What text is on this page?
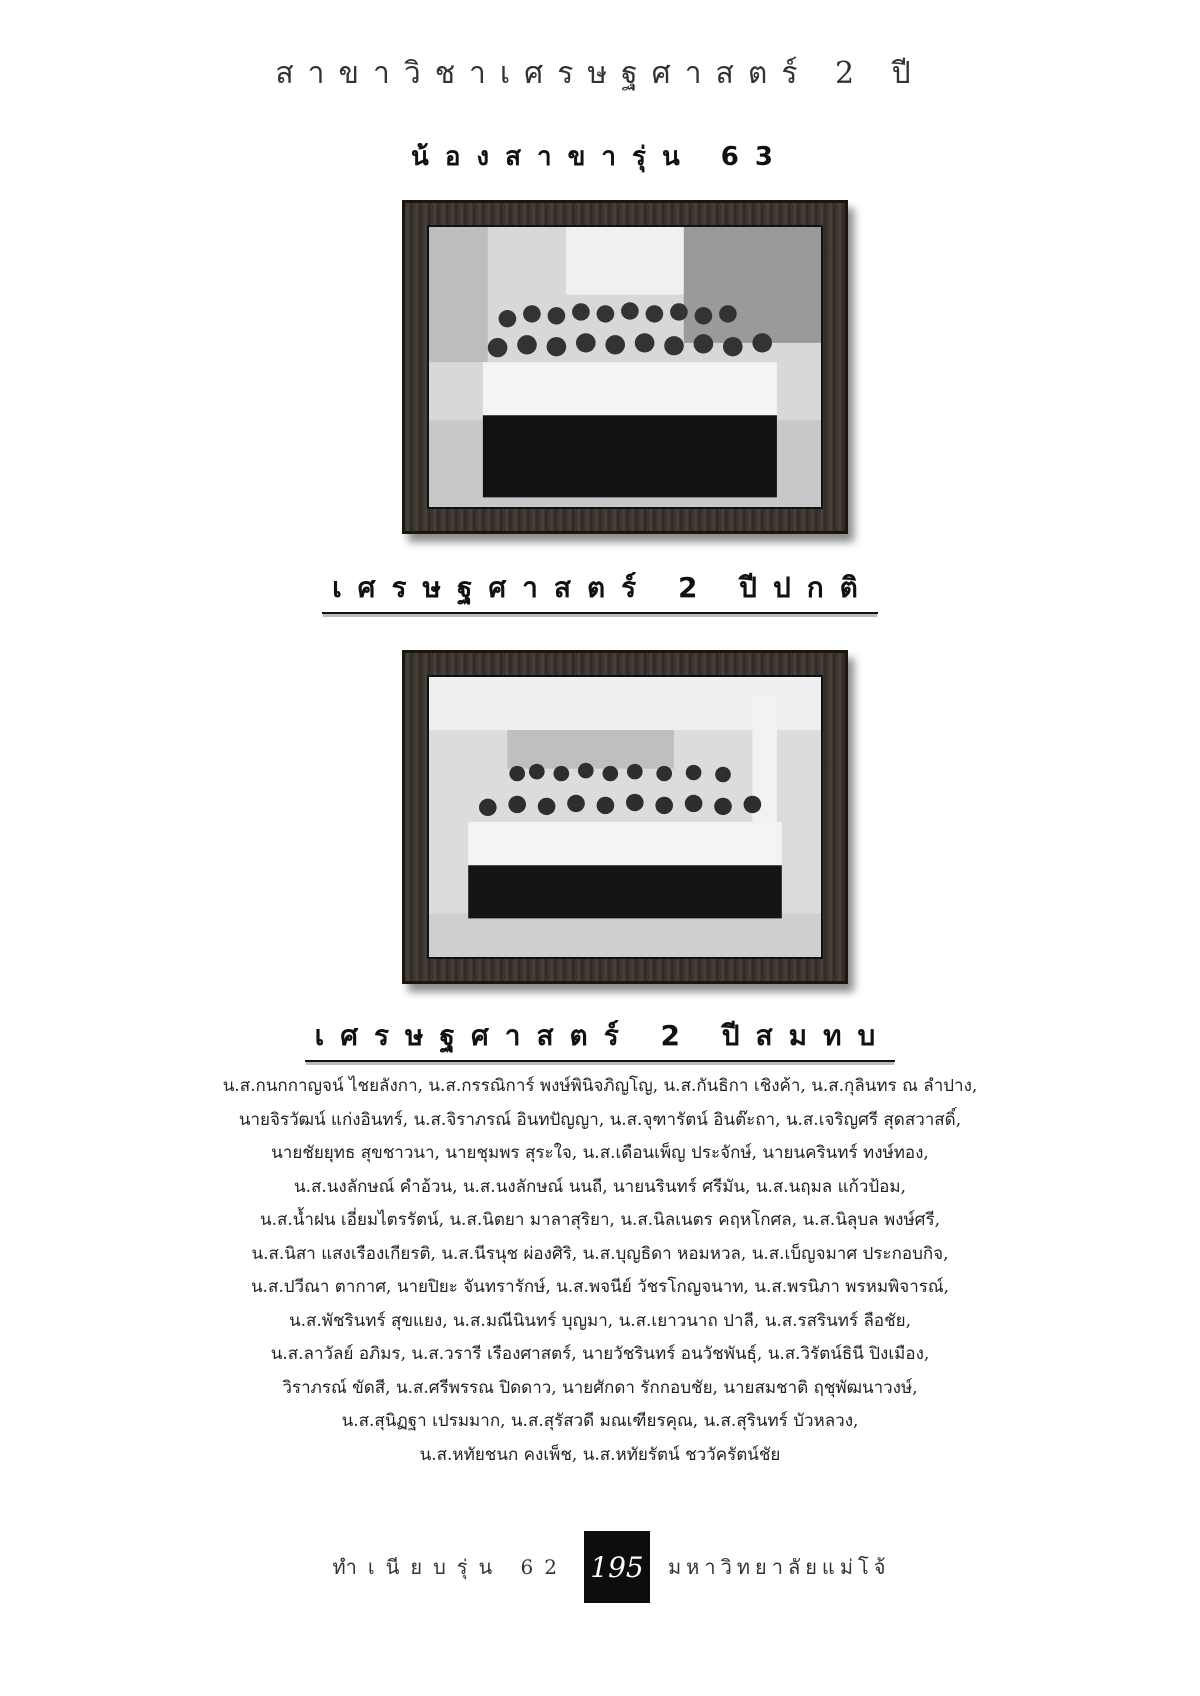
สาขาวิชาเศรษฐศาสตร์ 2 ปี
น้องสาขารุ่น 63
เศรษฐศาสตร์ 2 ปีปกติ
เศรษฐศาสตร์ 2 ปีสมทบ
น.ส.กนกกาญจน์ ไชยลังกา, น.ส.กรรณิการ์ พงษ์พินิจภิญโญ, น.ส.กันธิกา เชิงค้า, น.ส.กุลินทร ณ ลำปาง,
นายจิรวัฒน์ แก่งอินทร์, น.ส.จิราภรณ์ อินทปัญญา, น.ส.จุฑารัตน์ อินต๊ะถา, น.ส.เจริญศรี สุดสวาสดิ์,
นายชัยยุทธ สุขชาวนา, นายชุมพร สุระใจ, น.ส.เดือนเพ็ญ ประจักษ์, นายนครินทร์ ทงษ์ทอง,
น.ส.นงลักษณ์ คำอ้วน, น.ส.นงลักษณ์ นนถี, นายนรินทร์ ศรีมัน, น.ส.นฤมล แก้วป้อม,
น.ส.น้ำฝน เอี่ยมไตรรัตน์, น.ส.นิตยา มาลาสุริยา, น.ส.นิลเนตร คฤหโกศล, น.ส.นิลุบล พงษ์ศรี,
น.ส.นิสา แสงเรืองเกียรติ, น.ส.นีรนุช ผ่องศิริ, น.ส.บุญธิดา หอมหวล, น.ส.เบ็ญจมาศ ประกอบกิจ,
น.ส.ปวีณา ตากาศ, นายปิยะ จันทรารักษ์, น.ส.พจนีย์ วัชรโกญจนาท, น.ส.พรนิภา พรหมพิจารณ์,
น.ส.พัชรินทร์ สุขแยง, น.ส.มณีนินทร์ บุญมา, น.ส.เยาวนาถ ปาลี, น.ส.รสรินทร์ ลือชัย,
น.ส.ลาวัลย์ อภิมร, น.ส.วรารี เรืองศาสตร์, นายวัชรินทร์ อนวัชพันธุ์, น.ส.วิรัตน์ธินี ปิงเมือง,
วิราภรณ์ ขัดสี, น.ส.ศรีพรรณ ปิดดาว, นายศักดา รักกอบชัย, นายสมชาติ ฤชุพัฒนาวงษ์,
น.ส.สุนิฏฐา เปรมมาก, น.ส.สุรัสวดี มณเฑียรคุณ, น.ส.สุรินทร์ บัวหลวง,
น.ส.หทัยชนก คงเพ็ช, น.ส.หทัยรัตน์ ชววัครัตน์ชัย
ทำเนียบรุ่น 62 195	มหาวิทยาลัยแม่โจ้
